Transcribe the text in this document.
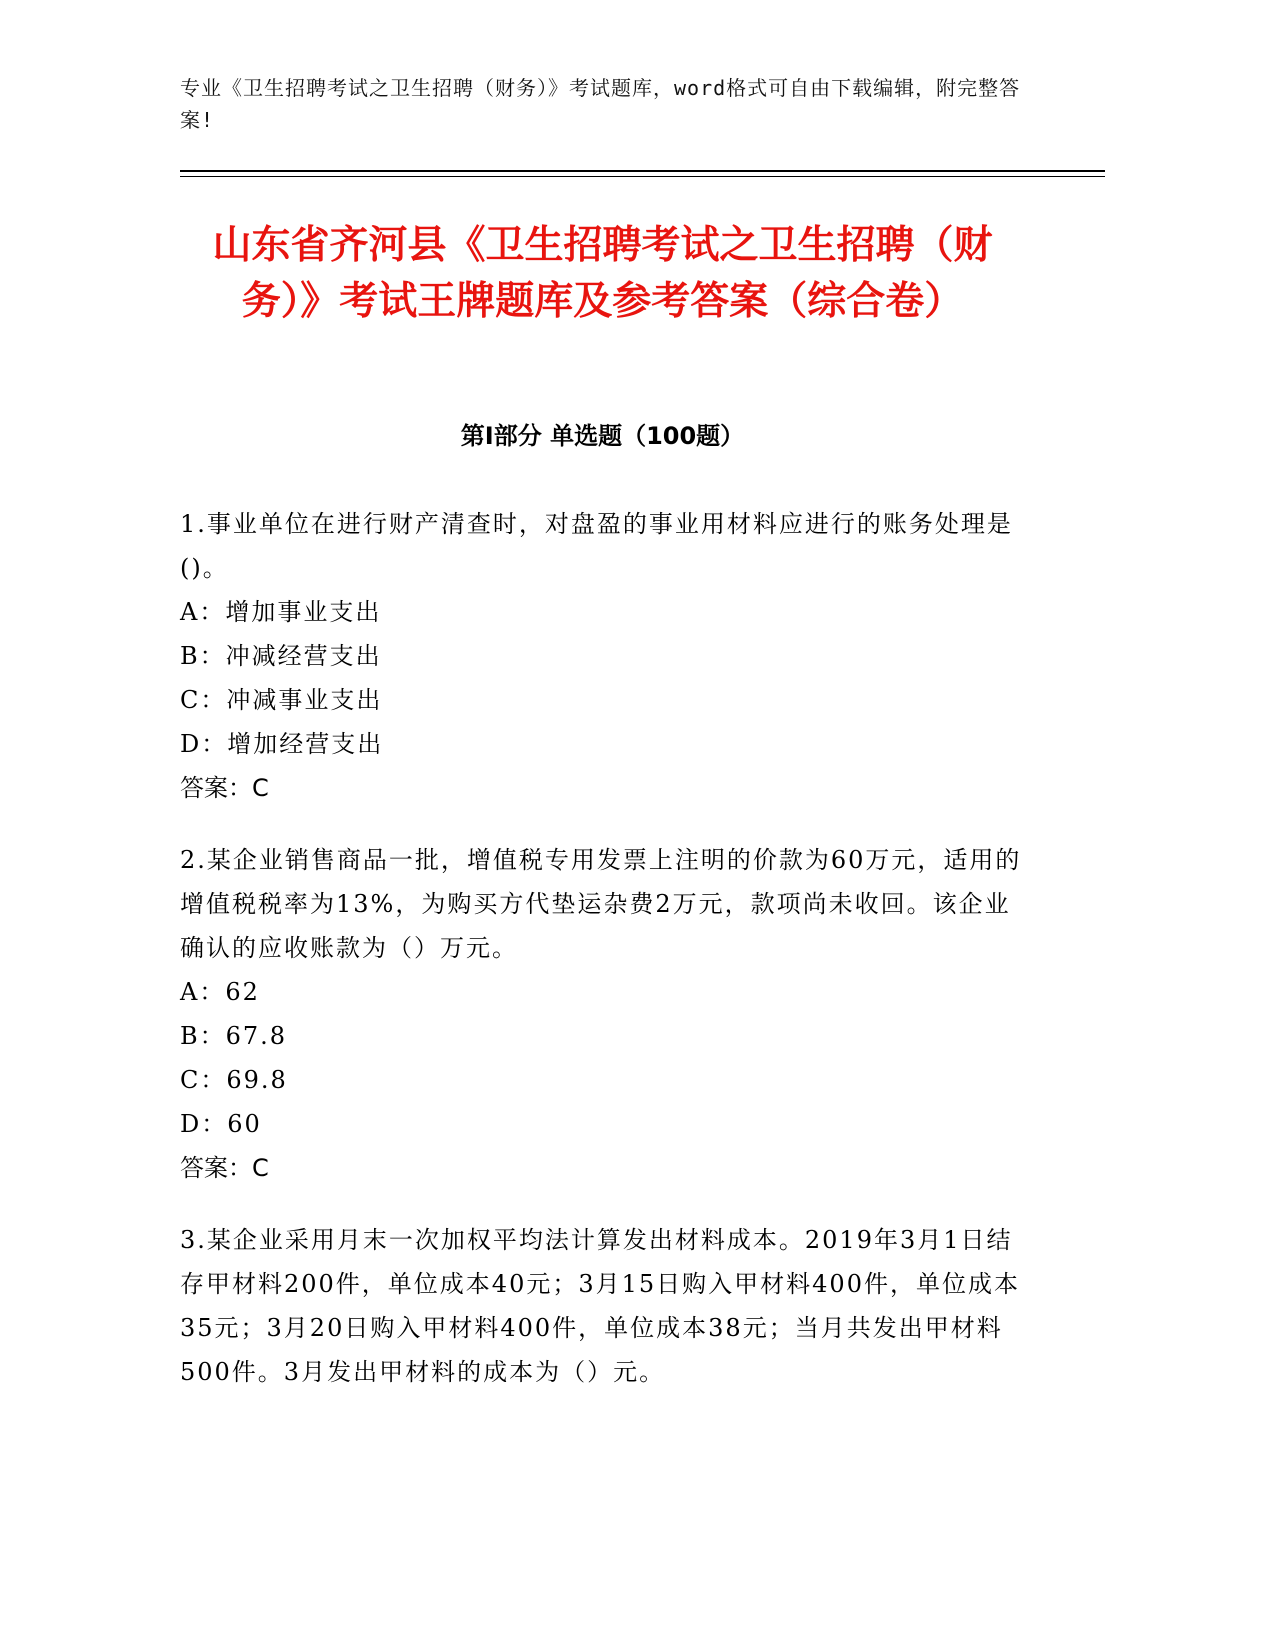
专业《卫生招聘考试之卫生招聘（财务）》考试题库，word格式可自由下载编辑，附完整答案!

山东省齐河县《卫生招聘考试之卫生招聘（财务）》考试王牌题库及参考答案（综合卷）
第I部分 单选题（100题）

1.事业单位在进行财产清查时，对盘盈的事业用材料应进行的账务处理是()。

A ： 增加事业支出
B ： 冲减经营支出
C ： 冲减事业支出
D ： 增加经营支出

答案：C

2.某企业销售商品一批，增值税专用发票上注明的价款为60万元，适用的增值税税率为13%，为购买方代垫运杂费2万元，款项尚未收回。该企业确认的应收账款为（）万元。

A ： 62
B ： 67.8
C ： 69.8
D ： 60

答案：C

3.某企业采用月末一次加权平均法计算发出材料成本。2019年3月1日结存甲材料200件，单位成本40元；3月15日购入甲材料400件，单位成本35元；3月20日购入甲材料400件，单位成本38元；当月共发出甲材料500件。3月发出甲材料的成本为（）元。
